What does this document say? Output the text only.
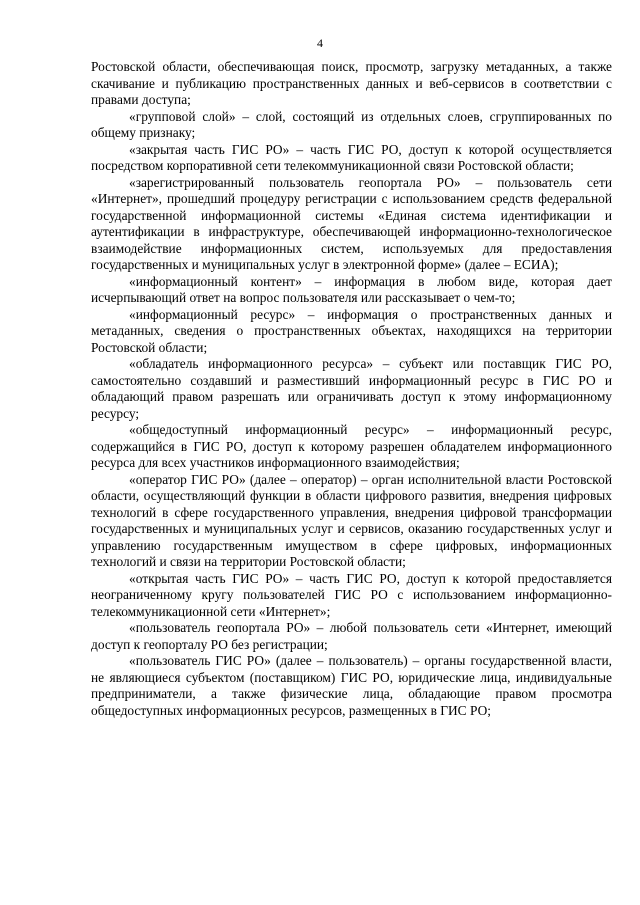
4

Ростовской области, обеспечивающая поиск, просмотр, загрузку метаданных, а также скачивание и публикацию пространственных данных и веб-сервисов в соответствии с правами доступа;

«групповой слой» – слой, состоящий из отдельных слоев, сгруппированных по общему признаку;

«закрытая часть ГИС РО» – часть ГИС РО, доступ к которой осуществляется посредством корпоративной сети телекоммуникационной связи Ростовской области;

«зарегистрированный пользователь геопортала РО» – пользователь сети «Интернет», прошедший процедуру регистрации с использованием средств федеральной государственной информационной системы «Единая система идентификации и аутентификации в инфраструктуре, обеспечивающей информационно-технологическое взаимодействие информационных систем, используемых для предоставления государственных и муниципальных услуг в электронной форме» (далее – ЕСИА);

«информационный контент» – информация в любом виде, которая дает исчерпывающий ответ на вопрос пользователя или рассказывает о чем-то;

«информационный ресурс» – информация о пространственных данных и метаданных, сведения о пространственных объектах, находящихся на территории Ростовской области;

«обладатель информационного ресурса» – субъект или поставщик ГИС РО, самостоятельно создавший и разместивший информационный ресурс в ГИС РО и обладающий правом разрешать или ограничивать доступ к этому информационному ресурсу;

«общедоступный информационный ресурс» – информационный ресурс, содержащийся в ГИС РО, доступ к которому разрешен обладателем информационного ресурса для всех участников информационного взаимодействия;

«оператор ГИС РО» (далее – оператор) – орган исполнительной власти Ростовской области, осуществляющий функции в области цифрового развития, внедрения цифровых технологий в сфере государственного управления, внедрения цифровой трансформации государственных и муниципальных услуг и сервисов, оказанию государственных услуг и управлению государственным имуществом в сфере цифровых, информационных технологий и связи на территории Ростовской области;

«открытая часть ГИС РО» – часть ГИС РО, доступ к которой предоставляется неограниченному кругу пользователей ГИС РО с использованием информационно-телекоммуникационной сети «Интернет»;

«пользователь геопортала РО» – любой пользователь сети «Интернет, имеющий доступ к геопорталу РО без регистрации;

«пользователь ГИС РО» (далее – пользователь) – органы государственной власти, не являющиеся субъектом (поставщиком) ГИС РО, юридические лица, индивидуальные предприниматели, а также физические лица, обладающие правом просмотра общедоступных информационных ресурсов, размещенных в ГИС РО;
